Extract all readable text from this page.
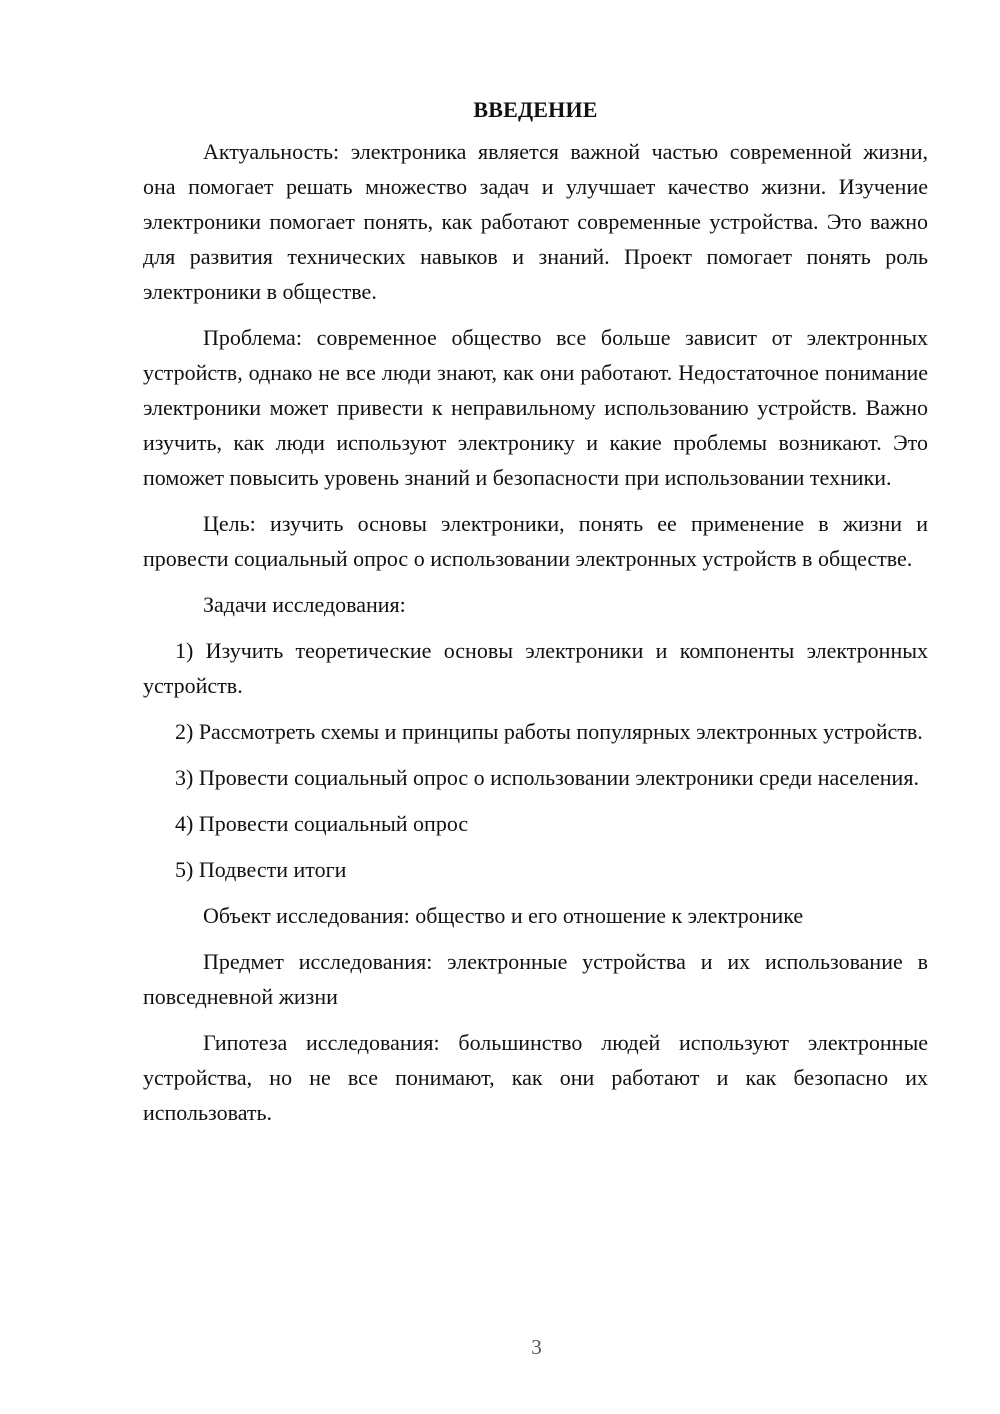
ВВЕДЕНИЕ

Актуальность: электроника является важной частью современной жизни, она помогает решать множество задач и улучшает качество жизни. Изучение электроники помогает понять, как работают современные устройства. Это важно для развития технических навыков и знаний. Проект помогает понять роль электроники в обществе.

Проблема: современное общество все больше зависит от электронных устройств, однако не все люди знают, как они работают. Недостаточное понимание электроники может привести к неправильному использованию устройств. Важно изучить, как люди используют электронику и какие проблемы возникают. Это поможет повысить уровень знаний и безопасности при использовании техники.

Цель: изучить основы электроники, понять ее применение в жизни и провести социальный опрос о использовании электронных устройств в обществе.

Задачи исследования:

1) Изучить теоретические основы электроники и компоненты электронных устройств.

2) Рассмотреть схемы и принципы работы популярных электронных устройств.

3) Провести социальный опрос о использовании электроники среди населения.

4) Провести социальный опрос

5) Подвести итоги

Объект исследования: общество и его отношение к электронике

Предмет исследования: электронные устройства и их использование в повседневной жизни

Гипотеза исследования: большинство людей используют электронные устройства, но не все понимают, как они работают и как безопасно их использовать.

3
